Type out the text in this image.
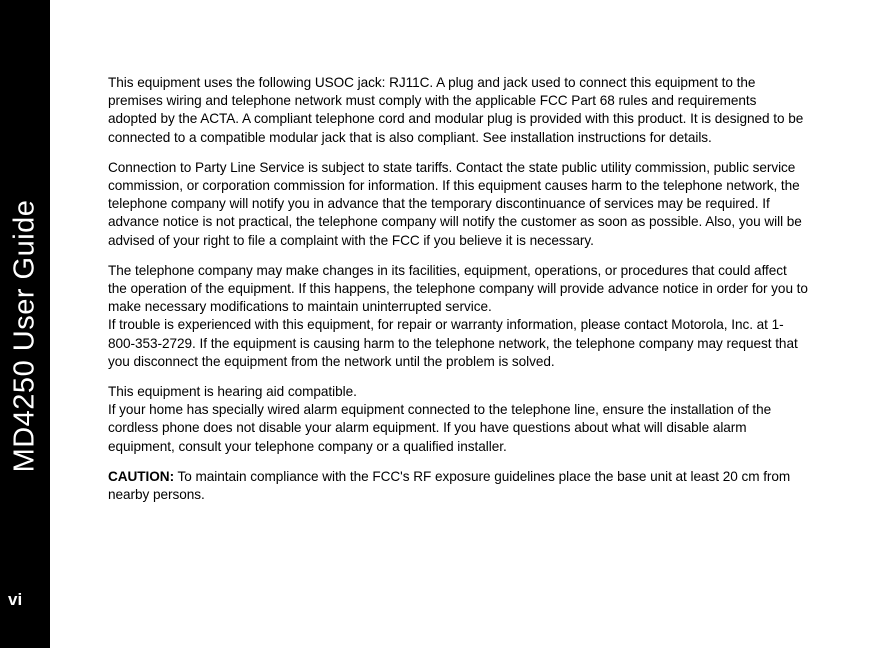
MD4250 User Guide
vi

This equipment uses the following USOC jack: RJ11C. A plug and jack used to connect this equipment to the premises wiring and telephone network must comply with the applicable FCC Part 68 rules and requirements adopted by the ACTA. A compliant telephone cord and modular plug is provided with this product. It is designed to be connected to a compatible modular jack that is also compliant. See installation instructions for details.

Connection to Party Line Service is subject to state tariffs. Contact the state public utility commission, public service commission, or corporation commission for information. If this equipment causes harm to the telephone network, the telephone company will notify you in advance that the temporary discontinuance of services may be required. If advance notice is not practical, the telephone company will notify the customer as soon as possible. Also, you will be advised of your right to file a complaint with the FCC if you believe it is necessary.

The telephone company may make changes in its facilities, equipment, operations, or procedures that could affect the operation of the equipment. If this happens, the telephone company will provide advance notice in order for you to make necessary modifications to maintain uninterrupted service.

If trouble is experienced with this equipment, for repair or warranty information, please contact Motorola, Inc. at 1-800-353-2729. If the equipment is causing harm to the telephone network, the telephone company may request that you disconnect the equipment from the network until the problem is solved.

This equipment is hearing aid compatible.

If your home has specially wired alarm equipment connected to the telephone line, ensure the installation of the cordless phone does not disable your alarm equipment. If you have questions about what will disable alarm equipment, consult your telephone company or a qualified installer.

CAUTION: To maintain compliance with the FCC's RF exposure guidelines place the base unit at least 20 cm from nearby persons.
